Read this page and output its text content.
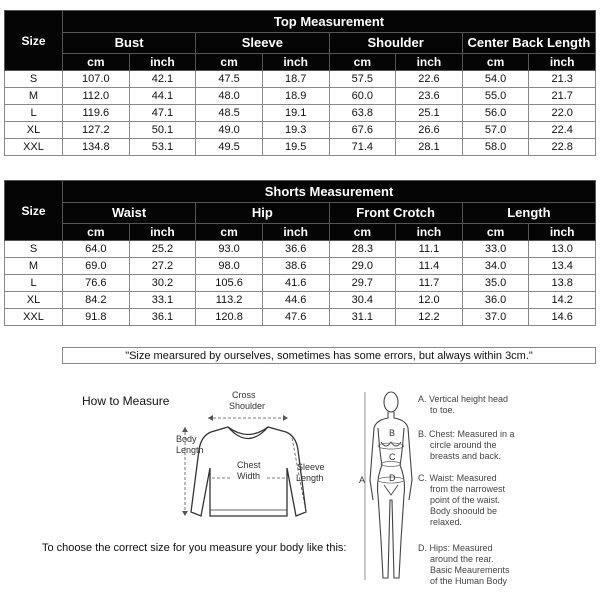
Size	Top Measurement							
	Bust		Sleeve		Shoulder		Center Back Length	
	cm	inch	cm	inch	cm	inch	cm	inch
S	107.0	42.1	47.5	18.7	57.5	22.6	54.0	21.3
M	112.0	44.1	48.0	18.9	60.0	23.6	55.0	21.7
L	119.6	47.1	48.5	19.1	63.8	25.1	56.0	22.0
XL	127.2	50.1	49.0	19.3	67.6	26.6	57.0	22.4
XXL	134.8	53.1	49.5	19.5	71.4	28.1	58.0	22.8
Size	Shorts Measurement							
	Waist		Hip		Front Crotch		Length	
	cm	inch	cm	inch	cm	inch	cm	inch
S	64.0	25.2	93.0	36.6	28.3	11.1	33.0	13.0
M	69.0	27.2	98.0	38.6	29.0	11.4	34.0	13.4
L	76.6	30.2	105.6	41.6	29.7	11.7	35.0	13.8
XL	84.2	33.1	113.2	44.6	30.4	12.0	36.0	14.2
XXL	91.8	36.1	120.8	47.6	31.1	12.2	37.0	14.6
"Size mearsured by ourselves, sometimes has some errors, but always within 3cm."
How to Measure	Cross
Shoulder
Body
Length
Chest
Width
Sleeve
Length
B
C
D
A
A. Vertical height head
to toe.
B. Chest: Measured in a
circle around the
breasts and back.
C. Waist: Measured
from the narrowest
point of the waist.
Body shoould be
relaxed.
D. Hips: Measured
around the rear.
Basic Meaurements
of the Human Body
To choose the correct size for you measure your body like this:
